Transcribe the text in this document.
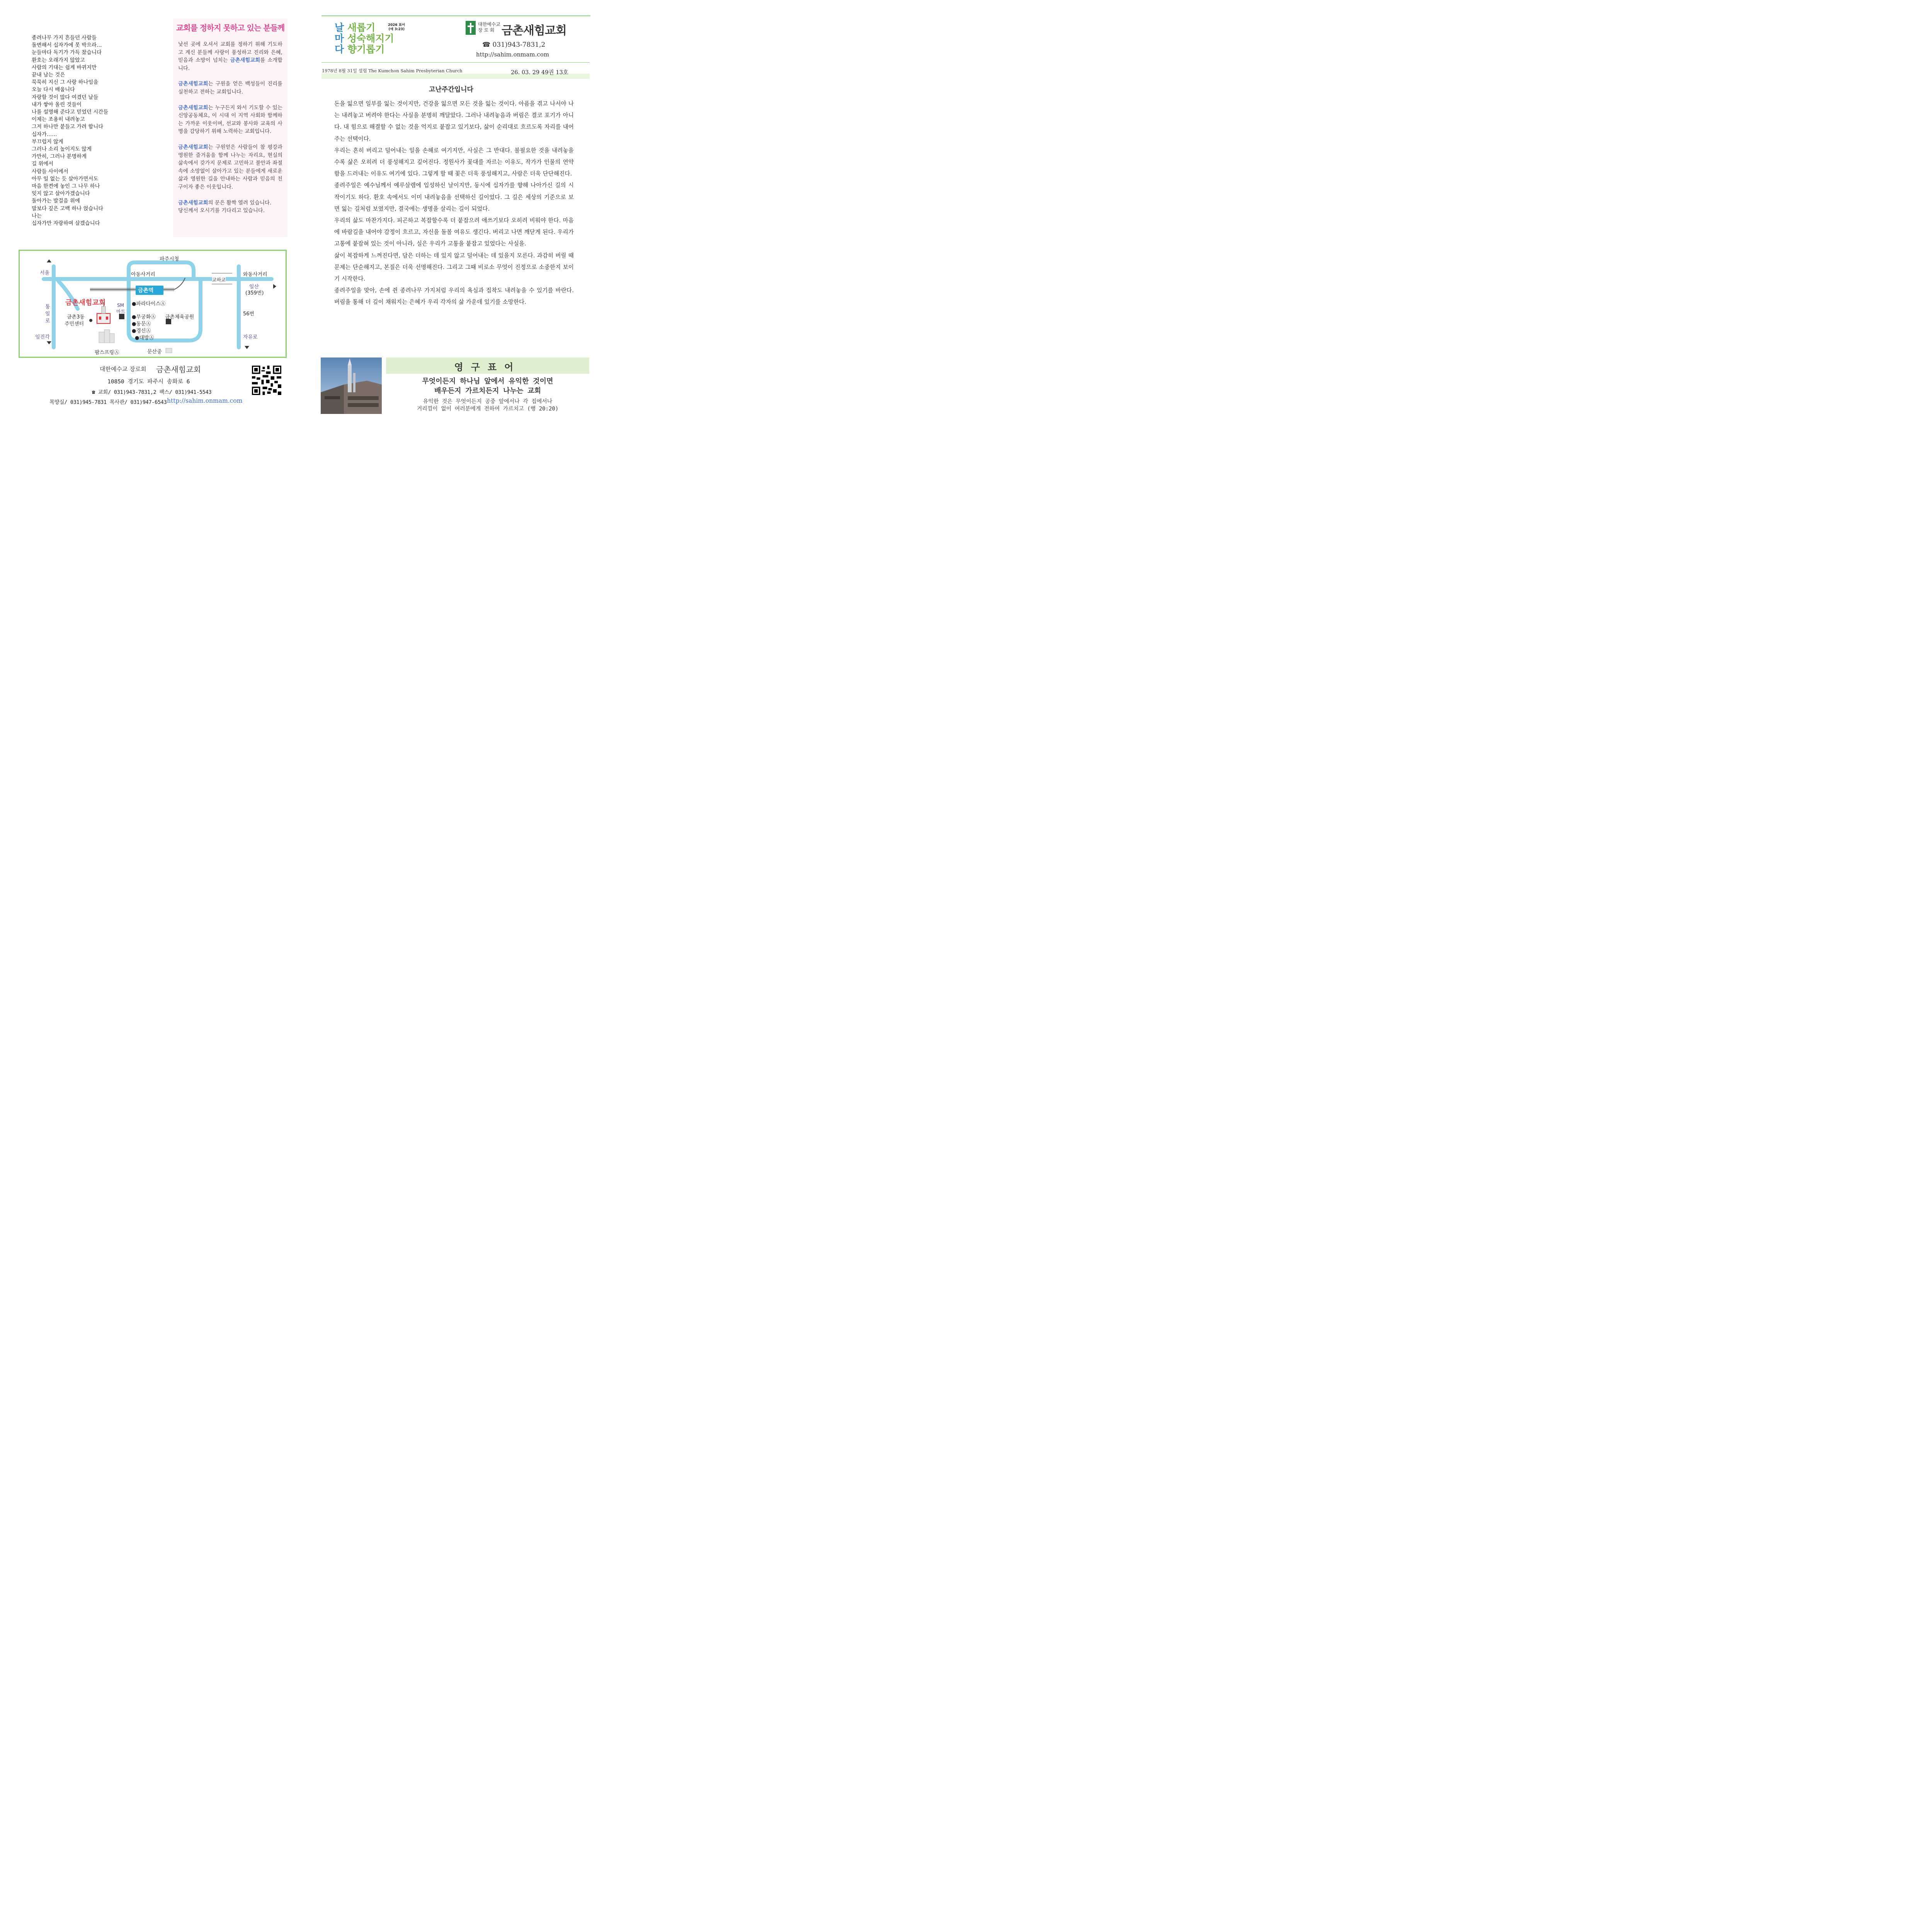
종려나무 가지 흔들던 사람들
돌변해서 십자가에 못 박으라…
눈들마다 독기가 가득 찼습니다
환호는 오래가지 않았고
사람의 기대는 쉽게 바뀌지만
끝내 남는 것은
묵묵히 지신 그 사랑 하나임을
오늘 다시 배웁니다
자랑할 것이 많다 여겼던 날들
내가 쌓아 올린 것들이
나를 설명해 준다고 믿었던 시간들
이제는 조용히 내려놓고
그저 하나만 붙들고 가려 합니다
십자가……
부끄럽지 않게
그러나 소리 높이지도 않게
가만히, 그러나 분명하게
길 위에서
사람들 사이에서
아무 일 없는 듯 살아가면서도
마음 한켠에 놓인 그 나무 하나
잊지 않고 살아가겠습니다
돌아가는 발걸음 위에
말보다 깊은 고백 하나 얹습니다
나는
십자가만 자랑하며 살겠습니다
교회를 정하지 못하고 있는 분들께

낯선 곳에 오셔서 교회를 정하기 위해 기도하고 계신 분들께 사랑이 풍성하고 진리와 은혜, 믿음과 소망이 넘치는 금촌새힘교회를 소개합니다.

금촌새힘교회는 구원을 얻은 백성들이 진리를 실천하고 전하는 교회입니다.

금촌새힘교회는 누구든지 와서 기도할 수 있는 신앙공동체요, 이 시대 이 지역 사회와 함께하는 가까운 이웃이며, 선교와 봉사와 교육의 사명을 감당하기 위해 노력하는 교회입니다.

금촌새힘교회는 구원얻은 사람들이 참 평강과 영원한 즐거움을 함께 나누는 자리요, 현실의 삶속에서 갖가지 문제로 고민하고 불안과 좌절 속에 소망없이 살아가고 있는 분들에게 새로운 삶과 영원한 길을 안내하는 사람과 믿음의 친구이자 좋은 이웃입니다.

금촌새힘교회의 문은 활짝 열려 있습니다.
당신께서 오시기를 기다리고 있습니다.

파주시청
서울	아동사거리
교하교
와동사거리
금촌역
일산
(359번)
금촌새힘교회 SM
마트
●파라다이스Ⓐ
통
일
로
금촌3동
주민센터
●무궁화Ⓐ
●동문Ⓐ
●경신Ⓐ
●대방Ⓐ
금촌체육공원
56번
임진각	자유로
팜스프링Ⓐ	문산중
대한예수교 장로회 금촌새힘교회
10850 경기도 파주시 송화로 6
☎ 교회/ 031)943-7831,2 팩스/ 031)941-5543
목양실/ 031)945-7831 목사관/ 031)947-6543 http://sahim.onmam.com
날 새롭기
마 성숙해지기
다 향기롭기
2026 표어
(애 3:23)
대한예수교
장 로 회 금촌새힘교회
☎ 031)943-7831,2
http://sahim.onmam.com
1978년 8월 31일 설립 The Kumchon Sahim Presbyterian Church	26. 03. 29 49권 13호
고난주간입니다

돈을 잃으면 일부를 잃는 것이지만, 건강을 잃으면 모든 것을 잃는 것이다. 아픔을 겪고 나서야 나는 내려놓고 버려야 한다는 사실을 분명히 깨달았다. 그러나 내려놓음과 버림은 결코 포기가 아니다. 내 힘으로 해결할 수 없는 것을 억지로 붙잡고 있기보다, 삶이 순리대로 흐르도록 자리를 내어주는 선택이다.

우리는 흔히 버리고 덜어내는 일을 손해로 여기지만, 사실은 그 반대다. 불필요한 것을 내려놓을수록 삶은 오히려 더 풍성해지고 깊어진다. 정원사가 꽃대를 자르는 이유도, 작가가 인물의 연약함을 드러내는 이유도 여기에 있다. 그렇게 할 때 꽃은 더욱 풍성해지고, 사람은 더욱 단단해진다.

종려주일은 예수님께서 예루살렘에 입성하신 날이지만, 동시에 십자가를 향해 나아가신 길의 시작이기도 하다. 환호 속에서도 이미 내려놓음을 선택하신 길이었다. 그 길은 세상의 기준으로 보면 잃는 길처럼 보였지만, 결국에는 생명을 살리는 길이 되었다.

우리의 삶도 마찬가지다. 피곤하고 복잡할수록 더 붙잡으려 애쓰기보다 오히려 비워야 한다. 마음에 바람길을 내어야 감정이 흐르고, 자신을 돌볼 여유도 생긴다. 버리고 나면 깨닫게 된다. 우리가 고통에 붙잡혀 있는 것이 아니라, 실은 우리가 고통을 붙잡고 있었다는 사실을.

삶이 복잡하게 느껴진다면, 답은 더하는 데 있지 않고 덜어내는 데 있을지 모른다. 과감히 버릴 때 문제는 단순해지고, 본질은 더욱 선명해진다. 그리고 그때 비로소 무엇이 진정으로 소중한지 보이기 시작한다.

종려주일을 맞아, 손에 쥔 종려나무 가지처럼 우리의 욕심과 집착도 내려놓을 수 있기를 바란다. 버림을 통해 더 깊이 채워지는 은혜가 우리 각자의 삶 가운데 있기를 소망한다.

영구표어
무엇이든지 하나님 앞에서 유익한 것이면
배우든지 가르치든지 나누는 교회
유익한 것은 무엇이든지 공중 앞에서나 각 집에서나
거리낌이 없이 여러분에게 전하여 가르치고 (행 20:20)
